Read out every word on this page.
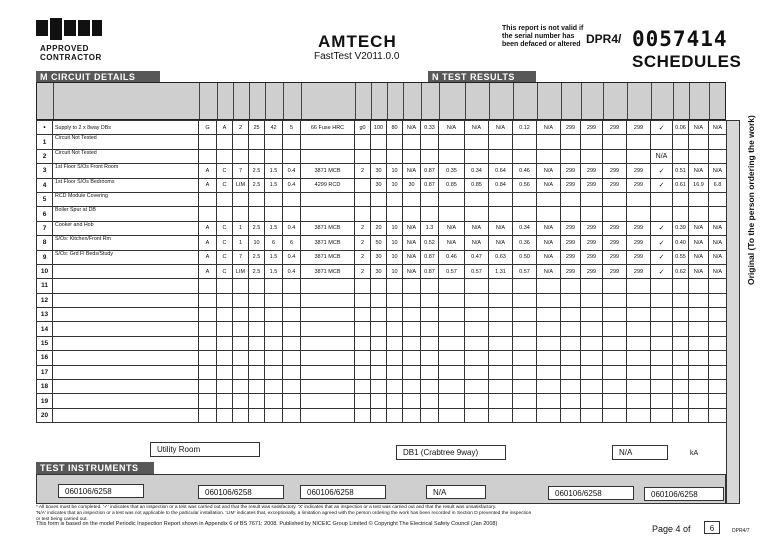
APPROVED
CONTRACTOR
AMTECH
FastTest V2011.0.0
This report is not valid if the serial number has been defaced or altered DPR4/ 0057414
SCHEDULES
M CIRCUIT DETAILS	N TEST RESULTS
•	Supply to 2 x 8way DBs	G	A	2	25	42	5	66 Fuse HRC	g0	100	80	N/A	0.33	N/A	N/A	N/A	0.12	N/A	299	299	299	299	✓	0.06	N/A	N/A
1	Circuit Not Tested																									
2	Circuit Not Tested																						N/A			
3	1st Floor S/Os Front Room	A	C	7	2.5	1.5	0.4	3871 MCB	2	30	10	N/A	0.87	0.35	0.34	0.64	0.46	N/A	299	299	299	299	✓	0.51	N/A	N/A
4	1st Floor S/Os Bedrooms	A	C	LIM	2.5	1.5	0.4	4299 RCD		30	10	30	0.87	0.85	0.85	0.84	0.56	N/A	299	299	299	299	✓	0.61	16.9	6.8
5	RCD Module Covering																									
6	Boiler Spur at DB																									
7	Cooker and Hob	A	C	1	2.5	1.5	0.4	3871 MCB	2	20	10	N/A	1.3	N/A	N/A	N/A	0.34	N/A	299	299	299	299	✓	0.39	N/A	N/A
8	S/Os: Kitchen/Front Rm	A	C	1	10	6	6	3871 MCB	2	50	10	N/A	0.52	N/A	N/A	N/A	0.36	N/A	299	299	299	299	✓	0.40	N/A	N/A
9	S/Os: Grd Fl Beds/Study	A	C	7	2.5	1.5	0.4	3871 MCB	2	30	10	N/A	0.87	0.46	0.47	0.63	0.50	N/A	299	299	299	299	✓	0.55	N/A	N/A
10		A	C	LIM	2.5	1.5	0.4	3871 MCB	2	30	10	N/A	0.87	0.57	0.57	1.31	0.57	N/A	299	299	299	299	✓	0.62	N/A	N/A
11																										
12																										
13																										
14																										
15																										
16																										
17																										
18																										
19																										
20																										
Original (To the person ordering the work)
Utility Room	DB1 (Crabtree 9way)	N/A	kA
TEST INSTRUMENTS
060106/6258	060106/6258	060106/6258	N/A	060106/6258	060106/6258
* All boxes must be completed. '✓' indicates that an inspection or a test was carried out and that the result was satisfactory. 'X' indicates that an inspection or a test was carried out and that the result was unsatisfactory.
'N/A' indicates that an inspection or a test was not applicable to the particular installation. 'LIM' indicates that, exceptionally, a limitation agreed with the person ordering the work has been recorded in Section D prevented the inspection or test being carried out.
This form is based on the model Periodic Inspection Report shown in Appendix 6 of BS 7671: 2008. Published by NICEIC Group Limited © Copyright The Electrical Safety Council (Jan 2008)	Page 4 of	6	DPR4/7
